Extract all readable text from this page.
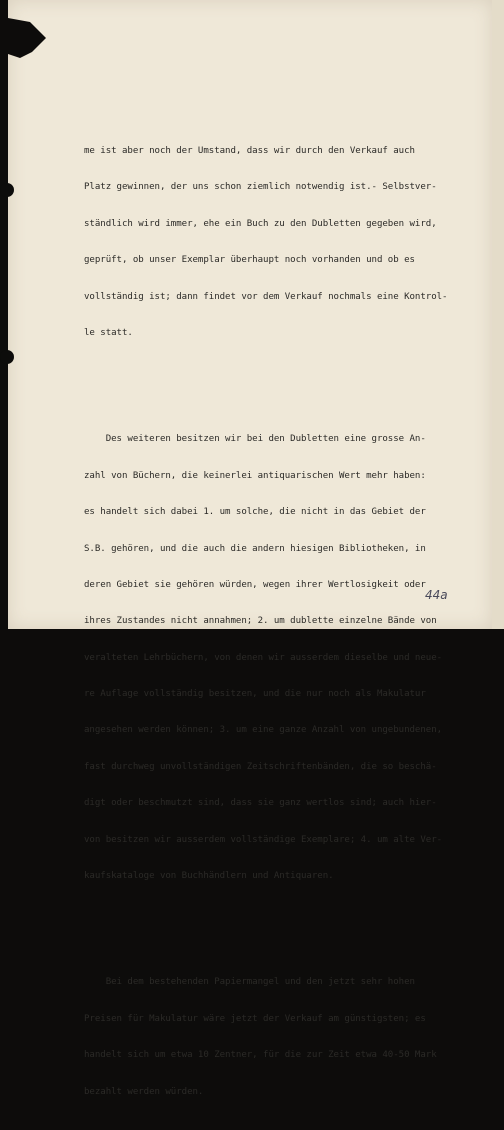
me ist aber noch der Umstand, dass wir durch den Verkauf auch

Platz gewinnen, der uns schon ziemlich notwendig ist.- Selbstver-

ständlich wird immer, ehe ein Buch zu den Dubletten gegeben wird,

geprüft, ob unser Exemplar überhaupt noch vorhanden und ob es

vollständig ist; dann findet vor dem Verkauf nochmals eine Kontrol-

le statt.

Des weiteren besitzen wir bei den Dubletten eine grosse An-

zahl von Büchern, die keinerlei antiquarischen Wert mehr haben:

es handelt sich dabei 1. um solche, die nicht in das Gebiet der

S.B. gehören, und die auch die andern hiesigen Bibliotheken, in

deren Gebiet sie gehören würden, wegen ihrer Wertlosigkeit oder

ihres Zustandes nicht annahmen; 2. um dublette einzelne Bände von

veralteten Lehrbüchern, von denen wir ausserdem dieselbe und neue-

re Auflage vollständig besitzen, und die nur noch als Makulatur

angesehen werden können; 3. um eine ganze Anzahl von ungebundenen,

fast durchweg unvollständigen Zeitschriftenbänden, die so beschä-

digt oder beschmutzt sind, dass sie ganz wertlos sind; auch hier-

von besitzen wir ausserdem vollständige Exemplare; 4. um alte Ver-

kaufskataloge von Buchhändlern und Antiquaren.

Bei dem bestehenden Papiermangel und den jetzt sehr hohen

Preisen für Makulatur wäre jetzt der Verkauf am günstigsten; es

handelt sich um etwa 10 Zentner, für die zur Zeit etwa 40-50 Mark

bezahlt werden würden.

44a
